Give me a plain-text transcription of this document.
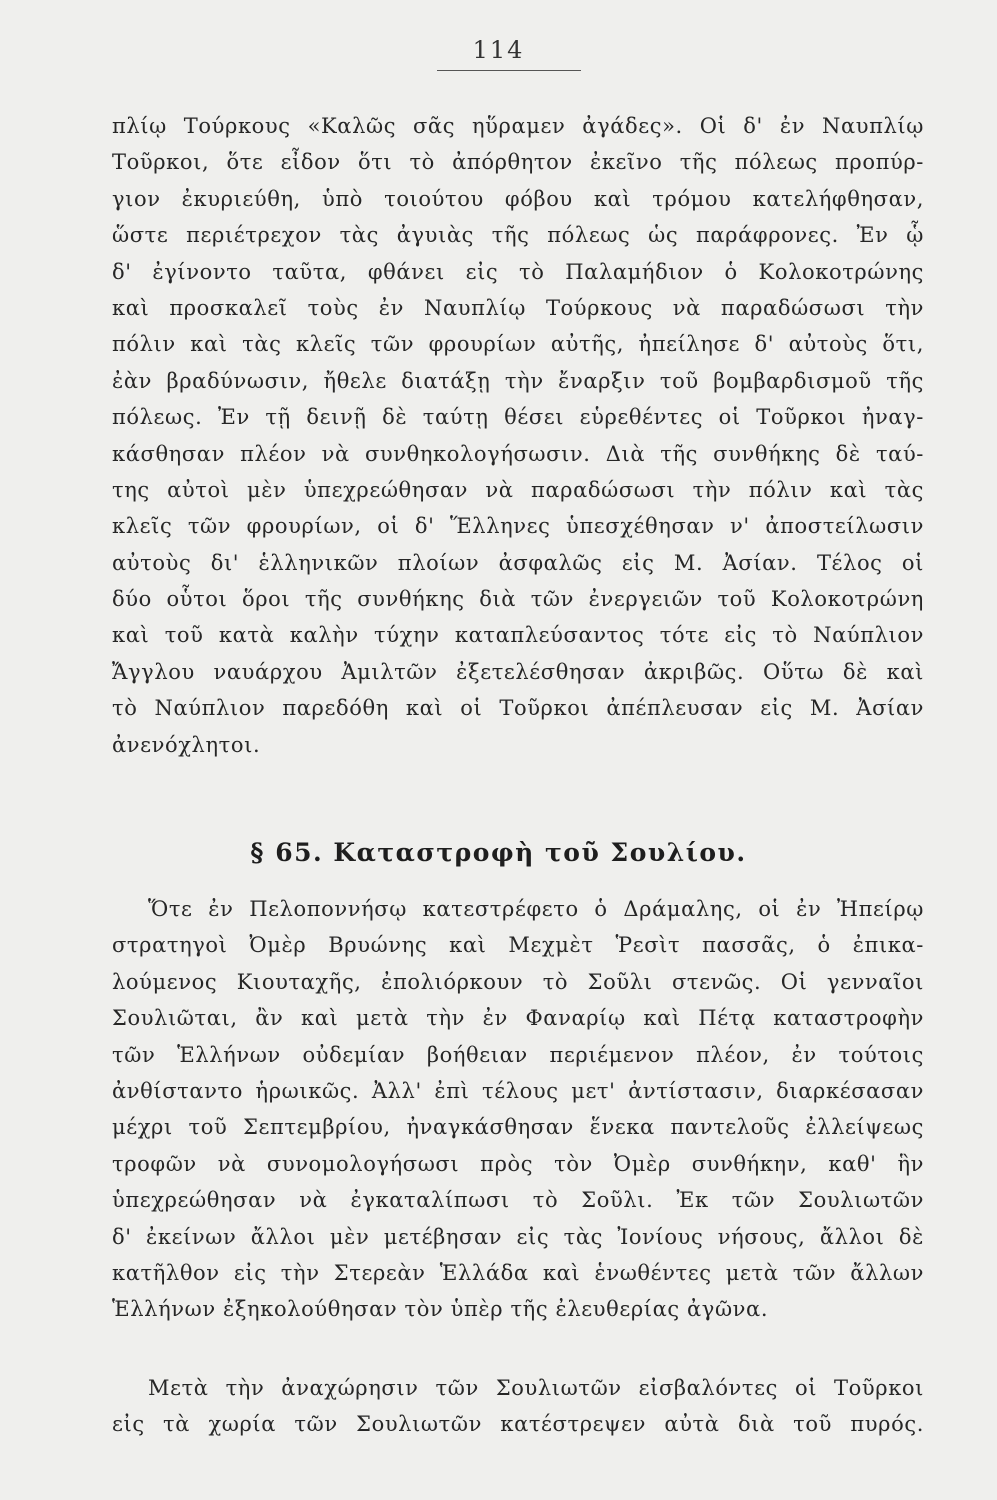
114
πλίῳ Τούρκους «Καλῶς σᾶς ηὕραμεν ἀγάδες». Οἱ δ' ἐν Ναυπλίῳ
Τοῦρκοι, ὅτε εἶδον ὅτι τὸ ἀπόρθητον ἐκεῖνο τῆς πόλεως προπύρ-
γιον ἐκυριεύθη, ὑπὸ τοιούτου φόβου καὶ τρόμου κατελήφθησαν,
ὥστε περιέτρεχον τὰς ἀγυιὰς τῆς πόλεως ὡς παράφρονες. Ἐν ᾧ
δ' ἐγίνοντο ταῦτα, φθάνει εἰς τὸ Παλαμήδιον ὁ Κολοκοτρώνης
καὶ προσκαλεῖ τοὺς ἐν Ναυπλίῳ Τούρκους νὰ παραδώσωσι τὴν
πόλιν καὶ τὰς κλεῖς τῶν φρουρίων αὐτῆς, ἠπείλησε δ' αὐτοὺς ὅτι,
ἐὰν βραδύνωσιν, ἤθελε διατάξῃ τὴν ἔναρξιν τοῦ βομβαρδισμοῦ τῆς
πόλεως. Ἐν τῇ δεινῇ δὲ ταύτῃ θέσει εὑρεθέντες οἱ Τοῦρκοι ἠναγ-
κάσθησαν πλέον νὰ συνθηκολογήσωσιν. Διὰ τῆς συνθήκης δὲ ταύ-
της αὐτοὶ μὲν ὑπεχρεώθησαν νὰ παραδώσωσι τὴν πόλιν καὶ τὰς
κλεῖς τῶν φρουρίων, οἱ δ' Ἕλληνες ὑπεσχέθησαν ν' ἀποστείλωσιν
αὐτοὺς δι' ἑλληνικῶν πλοίων ἀσφαλῶς εἰς Μ. Ἀσίαν. Τέλος οἱ
δύο οὗτοι ὅροι τῆς συνθήκης διὰ τῶν ἐνεργειῶν τοῦ Κολοκοτρώνη
καὶ τοῦ κατὰ καλὴν τύχην καταπλεύσαντος τότε εἰς τὸ Ναύπλιον
Ἄγγλου ναυάρχου Ἀμιλτῶν ἐξετελέσθησαν ἀκριβῶς. Οὕτω δὲ καὶ
τὸ Ναύπλιον παρεδόθη καὶ οἱ Τοῦρκοι ἀπέπλευσαν εἰς Μ. Ἀσίαν
ἀνενόχλητοι.
§ 65. Καταστροφὴ τοῦ Σουλίου.
Ὅτε ἐν Πελοποννήσῳ κατεστρέφετο ὁ Δράμαλης, οἱ ἐν Ἠπείρῳ
στρατηγοὶ Ὀμὲρ Βρυώνης καὶ Μεχμὲτ Ῥεσὶτ πασσᾶς, ὁ ἐπικα-
λούμενος Κιουταχῆς, ἐπολιόρκουν τὸ Σοῦλι στενῶς. Οἱ γενναῖοι
Σουλιῶται, ἂν καὶ μετὰ τὴν ἐν Φαναρίῳ καὶ Πέτᾳ καταστροφὴν
τῶν Ἑλλήνων οὐδεμίαν βοήθειαν περιέμενον πλέον, ἐν τούτοις
ἀνθίσταντο ἡρωικῶς. Ἀλλ' ἐπὶ τέλους μετ' ἀντίστασιν, διαρκέσασαν
μέχρι τοῦ Σεπτεμβρίου, ἠναγκάσθησαν ἕνεκα παντελοῦς ἐλλείψεως
τροφῶν νὰ συνομολογήσωσι πρὸς τὸν Ὀμὲρ συνθήκην, καθ' ἣν
ὑπεχρεώθησαν νὰ ἐγκαταλίπωσι τὸ Σοῦλι. Ἐκ τῶν Σουλιωτῶν
δ' ἐκείνων ἄλλοι μὲν μετέβησαν εἰς τὰς Ἰονίους νήσους, ἄλλοι δὲ
κατῆλθον εἰς τὴν Στερεὰν Ἑλλάδα καὶ ἑνωθέντες μετὰ τῶν ἄλλων
Ἑλλήνων ἐξηκολούθησαν τὸν ὑπὲρ τῆς ἐλευθερίας ἀγῶνα.
Μετὰ τὴν ἀναχώρησιν τῶν Σουλιωτῶν εἰσβαλόντες οἱ Τοῦρκοι
εἰς τὰ χωρία τῶν Σουλιωτῶν κατέστρεψεν αὐτὰ διὰ τοῦ πυρός.
